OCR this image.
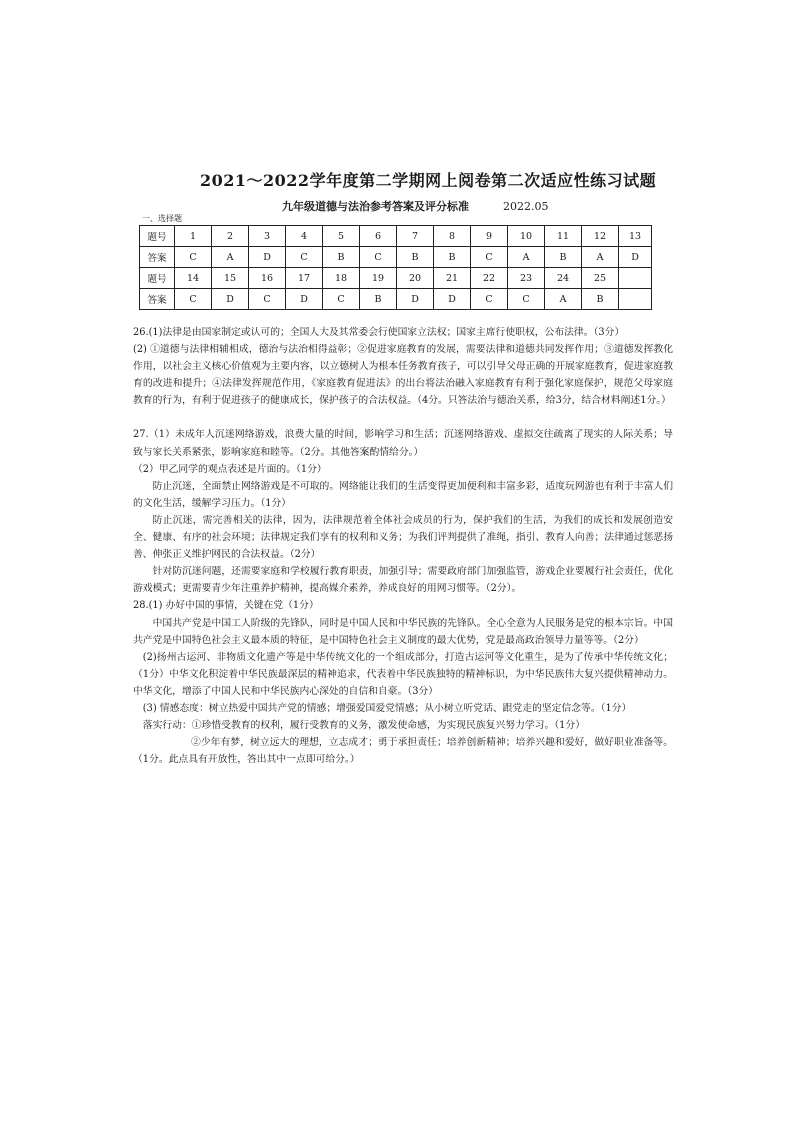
2021～2022学年度第二学期网上阅卷第二次适应性练习试题
九年级道德与法治参考答案及评分标准	2022.05
一、选择题
题号	1	2	3	4	5	6	7	8	9	10	11	12	13
答案	C	A	D	C	B	C	B	B	C	A	B	A	D
题号	14	15	16	17	18	19	20	21	22	23	24	25	
答案	C	D	C	D	C	B	D	D	C	C	A	B	

26.(1)法律是由国家制定或认可的；全国人大及其常委会行使国家立法权；国家主席行使职权，公布法律。（3分）

(2) ①道德与法律相辅相成，德治与法治相得益彰；②促进家庭教育的发展，需要法律和道德共同发挥作用；③道德发挥教化作用，以社会主义核心价值观为主要内容，以立德树人为根本任务教育孩子，可以引导父母正确的开展家庭教育，促进家庭教育的改进和提升；④法律发挥规范作用，《家庭教育促进法》的出台将法治融入家庭教育有利于强化家庭保护，规范父母家庭教育的行为，有利于促进孩子的健康成长，保护孩子的合法权益。（4分。只答法治与德治关系，给3分，结合材料阐述1分。）

27.（1）未成年人沉迷网络游戏，浪费大量的时间，影响学习和生活；沉迷网络游戏、虚拟交往疏离了现实的人际关系；导致与家长关系紧张，影响家庭和睦等。（2分。其他答案酌情给分。）

（2）甲乙同学的观点表述是片面的。（1分）

防止沉迷，全面禁止网络游戏是不可取的。网络能让我们的生活变得更加便利和丰富多彩，适度玩网游也有利于丰富人们的文化生活，缓解学习压力。（1分）

防止沉迷，需完善相关的法律，因为，法律规范着全体社会成员的行为，保护我们的生活，为我们的成长和发展创造安全、健康、有序的社会环境；法律规定我们享有的权利和义务；为我们评判提供了准绳，指引、教育人向善；法律通过惩恶扬善、伸张正义维护网民的合法权益。（2分）

针对防沉迷问题，还需要家庭和学校履行教育职责，加强引导；需要政府部门加强监管，游戏企业要履行社会责任，优化游戏模式；更需要青少年注重养护精神，提高媒介素养，养成良好的用网习惯等。（2分）。

28.(1) 办好中国的事情，关键在党（1分）

中国共产党是中国工人阶级的先锋队，同时是中国人民和中华民族的先锋队。全心全意为人民服务是党的根本宗旨。中国共产党是中国特色社会主义最本质的特征，是中国特色社会主义制度的最大优势，党是最高政治领导力量等等。（2分）

(2)扬州古运河、非物质文化遗产等是中华传统文化的一个组成部分，打造古运河等文化重生，是为了传承中华传统文化；（1分）中华文化积淀着中华民族最深层的精神追求，代表着中华民族独特的精神标识，为中华民族伟大复兴提供精神动力。中华文化，增添了中国人民和中华民族内心深处的自信和自豪。（3分）

(3) 情感态度：树立热爱中国共产党的情感；增强爱国爱党情感；从小树立听党话、跟党走的坚定信念等。（1分）

落实行动：①珍惜受教育的权利，履行受教育的义务，激发使命感，为实现民族复兴努力学习。（1分）

②少年有梦，树立远大的理想，立志成才；勇于承担责任；培养创新精神；培养兴趣和爱好，做好职业准备等。（1分。此点具有开放性，答出其中一点即可给分。）
